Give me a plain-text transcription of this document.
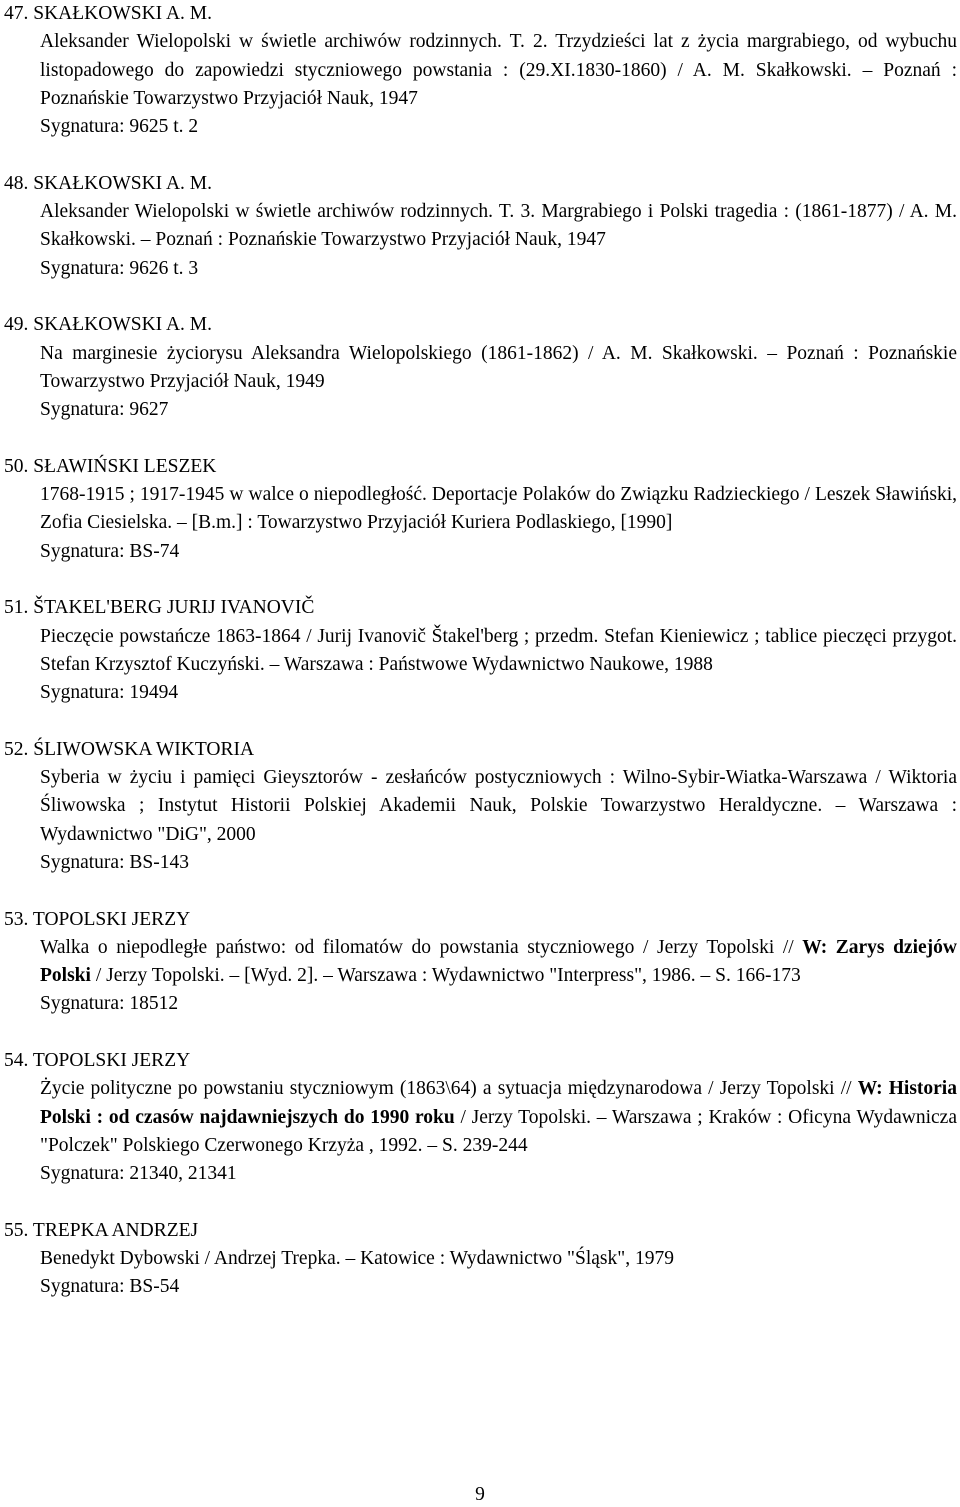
47. SKAŁKOWSKI A. M.
Aleksander Wielopolski w świetle archiwów rodzinnych. T. 2. Trzydzieści lat z życia margrabiego, od wybuchu listopadowego do zapowiedzi styczniowego powstania : (29.XI.1830-1860) / A. M. Skałkowski. – Poznań : Poznańskie Towarzystwo Przyjaciół Nauk, 1947
Sygnatura: 9625 t. 2
48. SKAŁKOWSKI A. M.
Aleksander Wielopolski w świetle archiwów rodzinnych. T. 3. Margrabiego i Polski tragedia : (1861-1877) / A. M. Skałkowski. – Poznań : Poznańskie Towarzystwo Przyjaciół Nauk, 1947
Sygnatura: 9626 t. 3
49. SKAŁKOWSKI A. M.
Na marginesie życiorysu Aleksandra Wielopolskiego (1861-1862) / A. M. Skałkowski. – Poznań : Poznańskie Towarzystwo Przyjaciół Nauk, 1949
Sygnatura: 9627
50. SŁAWIŃSKI LESZEK
1768-1915 ; 1917-1945 w walce o niepodległość. Deportacje Polaków do Związku Radzieckiego / Leszek Sławiński, Zofia Ciesielska. – [B.m.] : Towarzystwo Przyjaciół Kuriera Podlaskiego, [1990]
Sygnatura: BS-74
51. ŠTAKEL'BERG JURIJ IVANOVIČ
Pieczęcie powstańcze 1863-1864 / Jurij Ivanovič Štakel'berg ; przedm. Stefan Kieniewicz ; tablice pieczęci przygot. Stefan Krzysztof Kuczyński. – Warszawa : Państwowe Wydawnictwo Naukowe, 1988
Sygnatura: 19494
52. ŚLIWOWSKA WIKTORIA
Syberia w życiu i pamięci Gieysztorów - zesłańców postyczniowych : Wilno-Sybir-Wiatka-Warszawa / Wiktoria Śliwowska ; Instytut Historii Polskiej Akademii Nauk, Polskie Towarzystwo Heraldyczne. – Warszawa : Wydawnictwo "DiG", 2000
Sygnatura: BS-143
53. TOPOLSKI JERZY
Walka o niepodległe państwo: od filomatów do powstania styczniowego / Jerzy Topolski // W: Zarys dziejów Polski / Jerzy Topolski. – [Wyd. 2]. – Warszawa : Wydawnictwo "Interpress", 1986. – S. 166-173
Sygnatura: 18512
54. TOPOLSKI JERZY
Życie polityczne po powstaniu styczniowym (1863\64) a sytuacja międzynarodowa / Jerzy Topolski // W: Historia Polski : od czasów najdawniejszych do 1990 roku / Jerzy Topolski. – Warszawa ; Kraków : Oficyna Wydawnicza "Polczek" Polskiego Czerwonego Krzyża , 1992. – S. 239-244
Sygnatura: 21340, 21341
55. TREPKA ANDRZEJ
Benedykt Dybowski / Andrzej Trepka. – Katowice : Wydawnictwo "Śląsk", 1979
Sygnatura: BS-54
9
